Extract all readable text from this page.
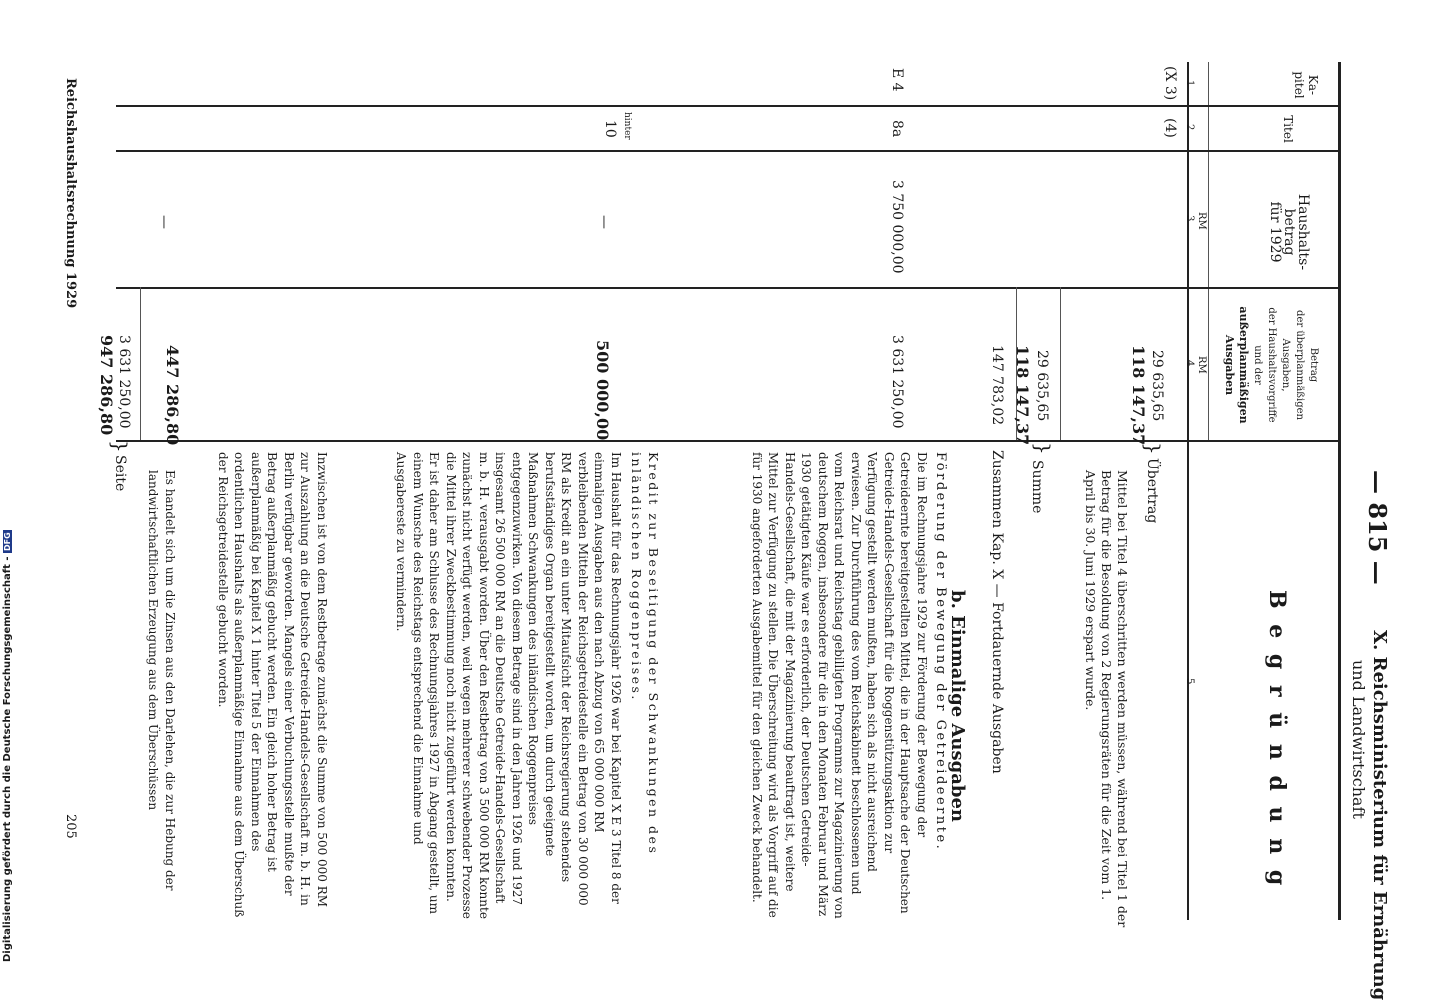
— 815 —
X. Reichsministerium für Ernährung
und Landwirtschaft
Ka-
pitel
Titel
Haushalts-
betrag
für 1929
Betrag
der überplanmäßigen
Ausgaben,
der Haushaltsvorgriffe
und der
außerplanmäßigen
Ausgaben
B e g r ü n d u n g
RM
RM
1
2
3
4
5
(X 3)
(4)
29 635,65
118 147,37
}
Übertrag
Mittel bei Titel 4 überschritten werden müssen, während bei Titel 1 der Betrag für die Besoldung von 2 Regierungsräten für die Zeit vom 1. April bis 30. Juni 1929 erspart wurde.
29 635,65
118 147,37
}
Summe
147 783,02
Zusammen Kap. X — Fortdauernde Ausgaben
b. Einmalige Ausgaben
E 4
8a
3 750 000,00
3 631 250,00
Förderung der Bewegung der Getreideernte.
Die im Rechnungsjahre 1929 zur Förderung der Bewegung der Getreideernte bereitgestellten Mittel, die in der Hauptsache der Deutschen Getreide-Handels-Gesellschaft für die Roggenstützungsaktion zur Verfügung gestellt werden mußten, haben sich als nicht ausreichend erwiesen. Zur Durchführung des vom Reichskabinett beschlossenen und vom Reichsrat und Reichstag gebilligten Programms zur Magazinierung von deutschem Roggen, insbesondere für die in den Monaten Februar und März 1930 getätigten Käufe war es erforderlich, der Deutschen Getreide-Handels-Gesellschaft, die mit der Magazinierung beauftragt ist, weitere Mittel zur Verfügung zu stellen. Die Überschreitung wird als Vorgriff auf die für 1930 angeforderten Ausgabemittel für den gleichen Zweck behandelt.
hinter
10
—
500 000,00
Kredit zur Beseitigung der Schwankungen des inländischen Roggenpreises.
Im Haushalt für das Rechnungsjahr 1926 war bei Kapitel X E 3 Titel 8 der einmaligen Ausgaben aus den nach Abzug von 65 000 000 RM verbleibenden Mitteln der Reichsgetreidestelle ein Betrag von 30 000 000 RM als Kredit an ein unter Mitaufsicht der Reichsregierung stehendes berufsständiges Organ bereitgestellt worden, um durch geeignete Maßnahmen Schwankungen des inländischen Roggenpreises entgegenzuwirken. Von diesem Betrage sind in den Jahren 1926 und 1927 insgesamt 26 500 000 RM an die Deutsche Getreide-Handels-Gesellschaft m. b. H. verausgabt worden. Über den Restbetrag von 3 500 000 RM konnte zunächst nicht verfügt werden, weil wegen mehrerer schwebender Prozesse die Mittel ihrer Zweckbestimmung noch nicht zugeführt werden konnten. Er ist daher am Schlusse des Rechnungsjahres 1927 in Abgang gestellt, um einem Wunsche des Reichstags entsprechend die Einnahme und Ausgabereste zu vermindern.
Inzwischen ist von dem Restbetrage zunächst die Summe von 500 000 RM zur Auszahlung an die Deutsche Getreide-Handels-Gesellschaft m. b. H. in Berlin verfügbar geworden. Mangels einer Verbuchungsstelle mußte der Betrag außerplanmäßig gebucht werden. Ein gleich hoher Betrag ist außerplanmäßig bei Kapitel X 1 hinter Titel 5 der Einnahmen des ordentlichen Haushalts als außerplanmäßige Einnahme aus dem Überschuß der Reichsgetreidestelle gebucht worden.
—
447 286,80
3 631 250,00
947 286,80
}
Seite	Es handelt sich um die Zinsen aus den Darlehen, die zur Hebung der landwirtschaftlichen Erzeugung aus dem Überschüssen
Reichshaushaltsrechnung 1929
205
Digitalisierung gefördert durch die Deutsche Forschungsgemeinschaft - DFG
